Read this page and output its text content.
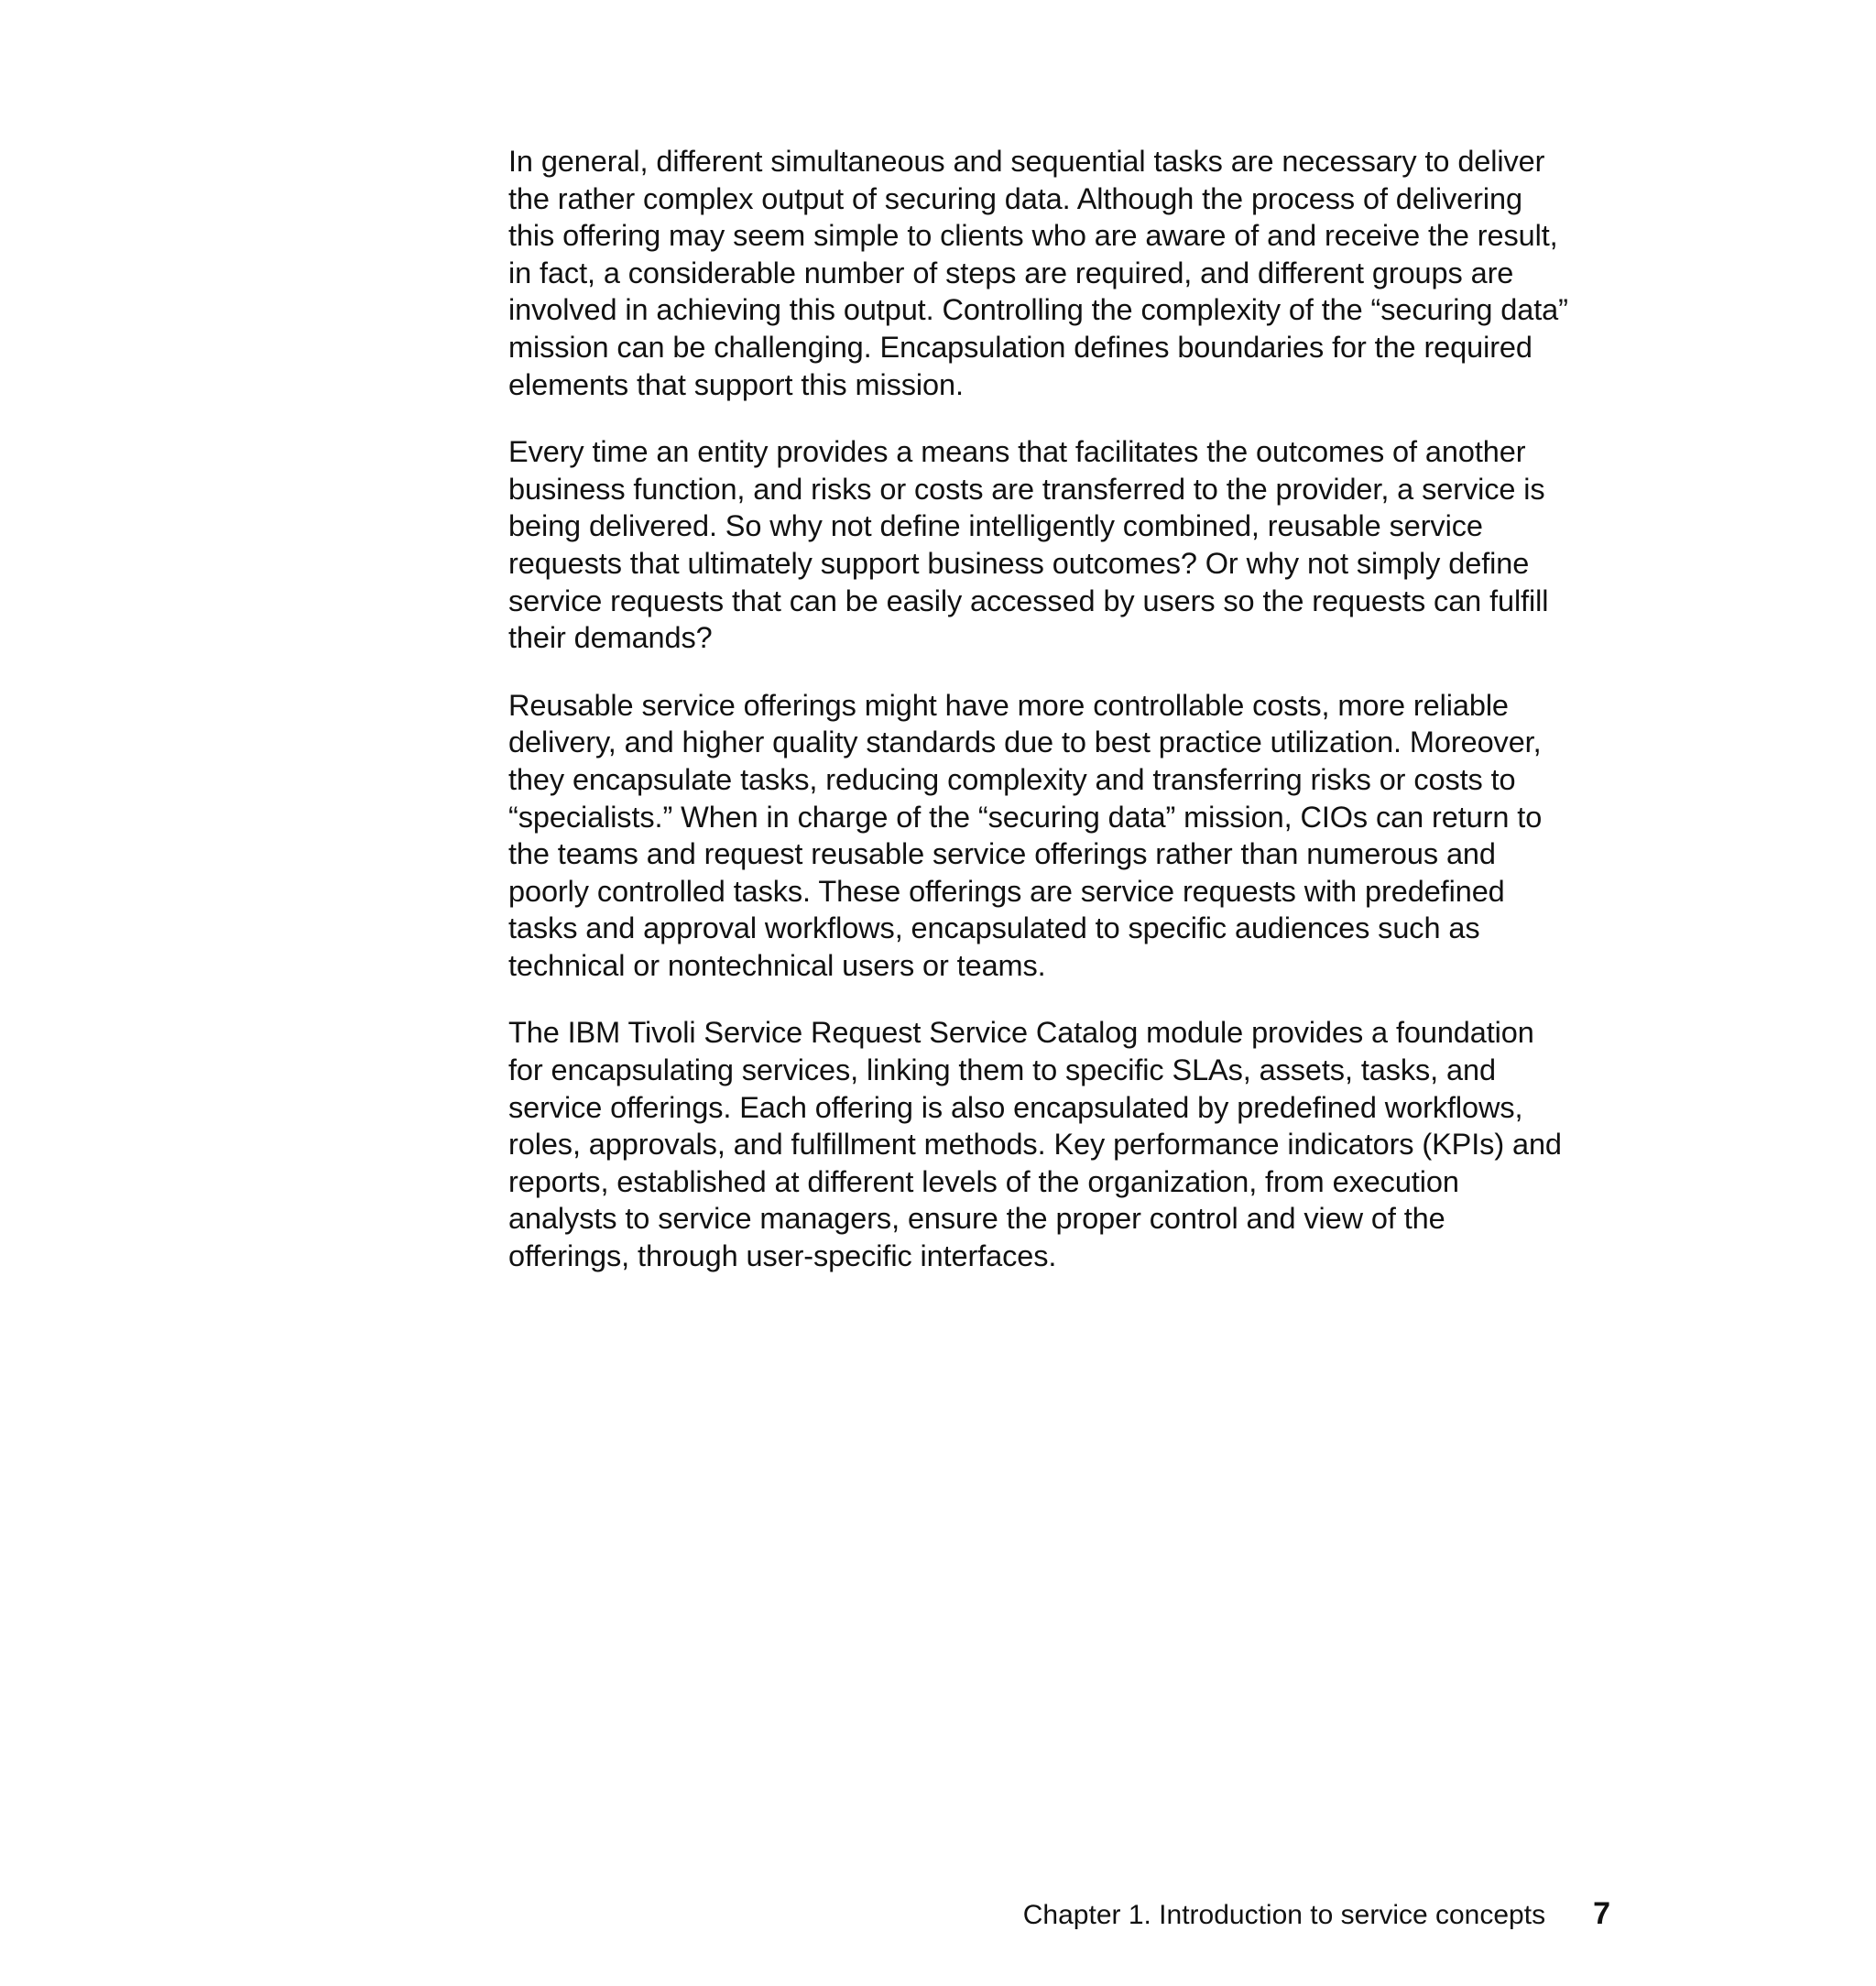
In general, different simultaneous and sequential tasks are necessary to deliver
the rather complex output of securing data. Although the process of delivering
this offering may seem simple to clients who are aware of and receive the result,
in fact, a considerable number of steps are required, and different groups are
involved in achieving this output. Controlling the complexity of the “securing data”
mission can be challenging. Encapsulation defines boundaries for the required
elements that support this mission.

Every time an entity provides a means that facilitates the outcomes of another
business function, and risks or costs are transferred to the provider, a service is
being delivered. So why not define intelligently combined, reusable service
requests that ultimately support business outcomes? Or why not simply define
service requests that can be easily accessed by users so the requests can fulfill
their demands?

Reusable service offerings might have more controllable costs, more reliable
delivery, and higher quality standards due to best practice utilization. Moreover,
they encapsulate tasks, reducing complexity and transferring risks or costs to
“specialists.” When in charge of the “securing data” mission, CIOs can return to
the teams and request reusable service offerings rather than numerous and
poorly controlled tasks. These offerings are service requests with predefined
tasks and approval workflows, encapsulated to specific audiences such as
technical or nontechnical users or teams.

The IBM Tivoli Service Request Service Catalog module provides a foundation
for encapsulating services, linking them to specific SLAs, assets, tasks, and
service offerings. Each offering is also encapsulated by predefined workflows,
roles, approvals, and fulfillment methods. Key performance indicators (KPIs) and
reports, established at different levels of the organization, from execution
analysts to service managers, ensure the proper control and view of the
offerings, through user-specific interfaces.

Chapter 1. Introduction to service concepts 7
